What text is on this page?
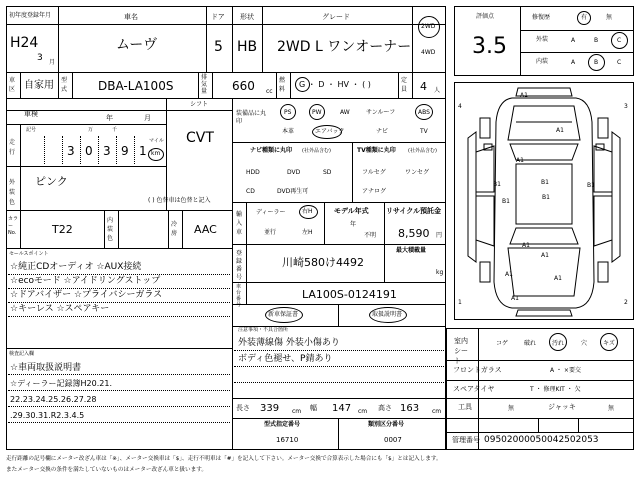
初年度登録年月
H24
3 月
車名
ムーヴ
ドア
5
形状
HB
グレード
2WD L ワンオーナー
2WD
4WD
車区 自家用 型式	DBA-LA100S
排気量 660 cc
燃料
G ・ D ・ HV ・ ( )	定員 4 人
車検	年	月
シフト
CVT
走行
記号	万	千
マイル
km
3 0 3 9 1
外装色
ピンク
( ) 色替車は色替と記入
カラーNo.	T22
内装色
冷房 AAC
セールスポイント
☆純正CDオーディオ ☆AUX接続
☆ecoモード ☆アイドリングストップ
☆ドアバイザー ☆プライバシーガラス
☆キーレス ☆スペアキー
検査記入欄
☆車両取扱説明書
☆ディーラー記録簿H20.21.
22.23.24.25.26.27.28
.29.30.31.R2.3.4.5
装備品に丸印
PS	PW	AW	サンルーフ	ABS
本革	エアバック	ナビ	TV
ナビ種類に丸印 (社外品含む)
HDD	DVD	SD
CD	DVD再生可
TV種類に丸印 (社外品含む)
フルセグ	ワンセグ
アナログ
輸入車
ディーラー	右H
並行	左H
モデル年式
年
不明
リサイクル預託金
8,590 円
登録番号
川崎580け4492
最大積載量
kg
車台番号
LA100S-0124191
新車保証書	取扱説明書
注意事項・不具合箇所
外装薄線傷 外装小傷あり
ボディ色褪せ、P錆あり
長さ 339 cm 幅 147 cm 高さ 163 cm
型式指定番号
16710
類別区分番号
0007
評価点
3.5
修復歴	有	無
外装	A	B	C
内装	A	B	C
A1
A1
A1
B1
B1
B1
B1
B1
A1
A1
A1
A1
A1
4	3
1	2
室内シート
コゲ	破れ	汚れ	穴	キズ
フロントガラス	A ・ ×要交
スペアタイヤ	T ・ 修理KIT ・ 欠
工具	無	ジャッキ	無
管理番号 09502000050042502053
走行距離の記号欄にメーター改ざん車は「※」、メーター交換車は「$」、走行不明車は「#」を記入して下さい。メーター交換で合算表示した場合にも「$」とは記入します。
またメーター交換の条件を満たしていないものはメーター改ざん車と扱います。
